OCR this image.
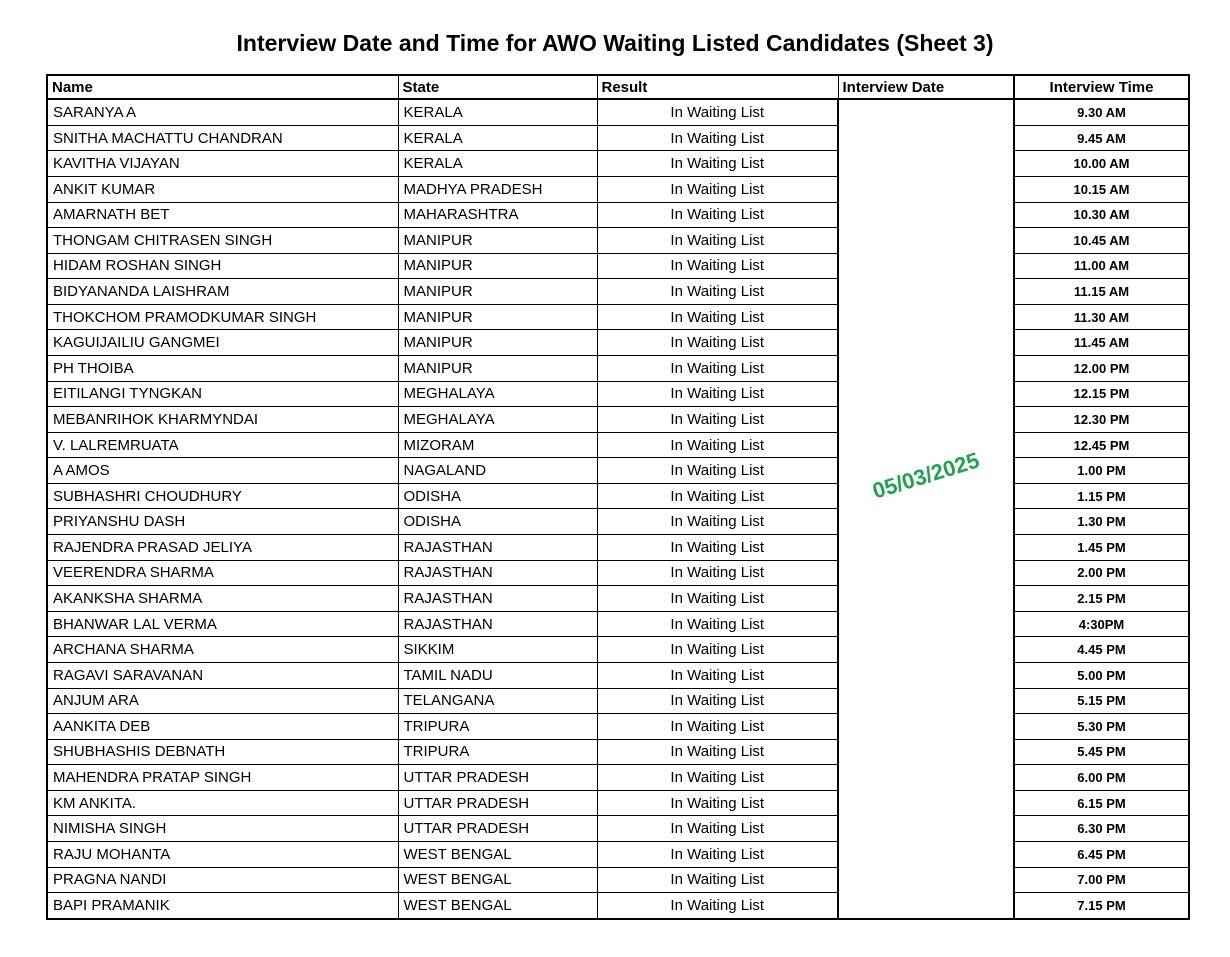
Interview Date and Time for AWO Waiting Listed Candidates (Sheet 3)
Name	State	Result	Interview Date	Interview Time
SARANYA A	KERALA	In Waiting List	05/03/2025	9.30 AM
SNITHA MACHATTU CHANDRAN	KERALA	In Waiting List		9.45 AM
KAVITHA VIJAYAN	KERALA	In Waiting List		10.00 AM
ANKIT KUMAR	MADHYA PRADESH	In Waiting List		10.15 AM
AMARNATH BET	MAHARASHTRA	In Waiting List		10.30 AM
THONGAM CHITRASEN SINGH	MANIPUR	In Waiting List		10.45 AM
HIDAM ROSHAN SINGH	MANIPUR	In Waiting List		11.00 AM
BIDYANANDA LAISHRAM	MANIPUR	In Waiting List		11.15 AM
THOKCHOM PRAMODKUMAR SINGH	MANIPUR	In Waiting List		11.30 AM
KAGUIJAILIU GANGMEI	MANIPUR	In Waiting List		11.45 AM
PH THOIBA	MANIPUR	In Waiting List		12.00 PM
EITILANGI TYNGKAN	MEGHALAYA	In Waiting List		12.15 PM
MEBANRIHOK KHARMYNDAI	MEGHALAYA	In Waiting List		12.30 PM
V. LALREMRUATA	MIZORAM	In Waiting List		12.45 PM
A AMOS	NAGALAND	In Waiting List		1.00 PM
SUBHASHRI CHOUDHURY	ODISHA	In Waiting List		1.15 PM
PRIYANSHU DASH	ODISHA	In Waiting List		1.30 PM
RAJENDRA PRASAD JELIYA	RAJASTHAN	In Waiting List		1.45 PM
VEERENDRA SHARMA	RAJASTHAN	In Waiting List		2.00 PM
AKANKSHA SHARMA	RAJASTHAN	In Waiting List		2.15 PM
BHANWAR LAL VERMA	RAJASTHAN	In Waiting List		4:30PM
ARCHANA SHARMA	SIKKIM	In Waiting List		4.45 PM
RAGAVI SARAVANAN	TAMIL NADU	In Waiting List		5.00 PM
ANJUM ARA	TELANGANA	In Waiting List		5.15 PM
AANKITA DEB	TRIPURA	In Waiting List		5.30 PM
SHUBHASHIS DEBNATH	TRIPURA	In Waiting List		5.45 PM
MAHENDRA PRATAP SINGH	UTTAR PRADESH	In Waiting List		6.00 PM
KM ANKITA.	UTTAR PRADESH	In Waiting List		6.15 PM
NIMISHA SINGH	UTTAR PRADESH	In Waiting List		6.30 PM
RAJU MOHANTA	WEST BENGAL	In Waiting List		6.45 PM
PRAGNA NANDI	WEST BENGAL	In Waiting List		7.00 PM
BAPI PRAMANIK	WEST BENGAL	In Waiting List		7.15 PM
